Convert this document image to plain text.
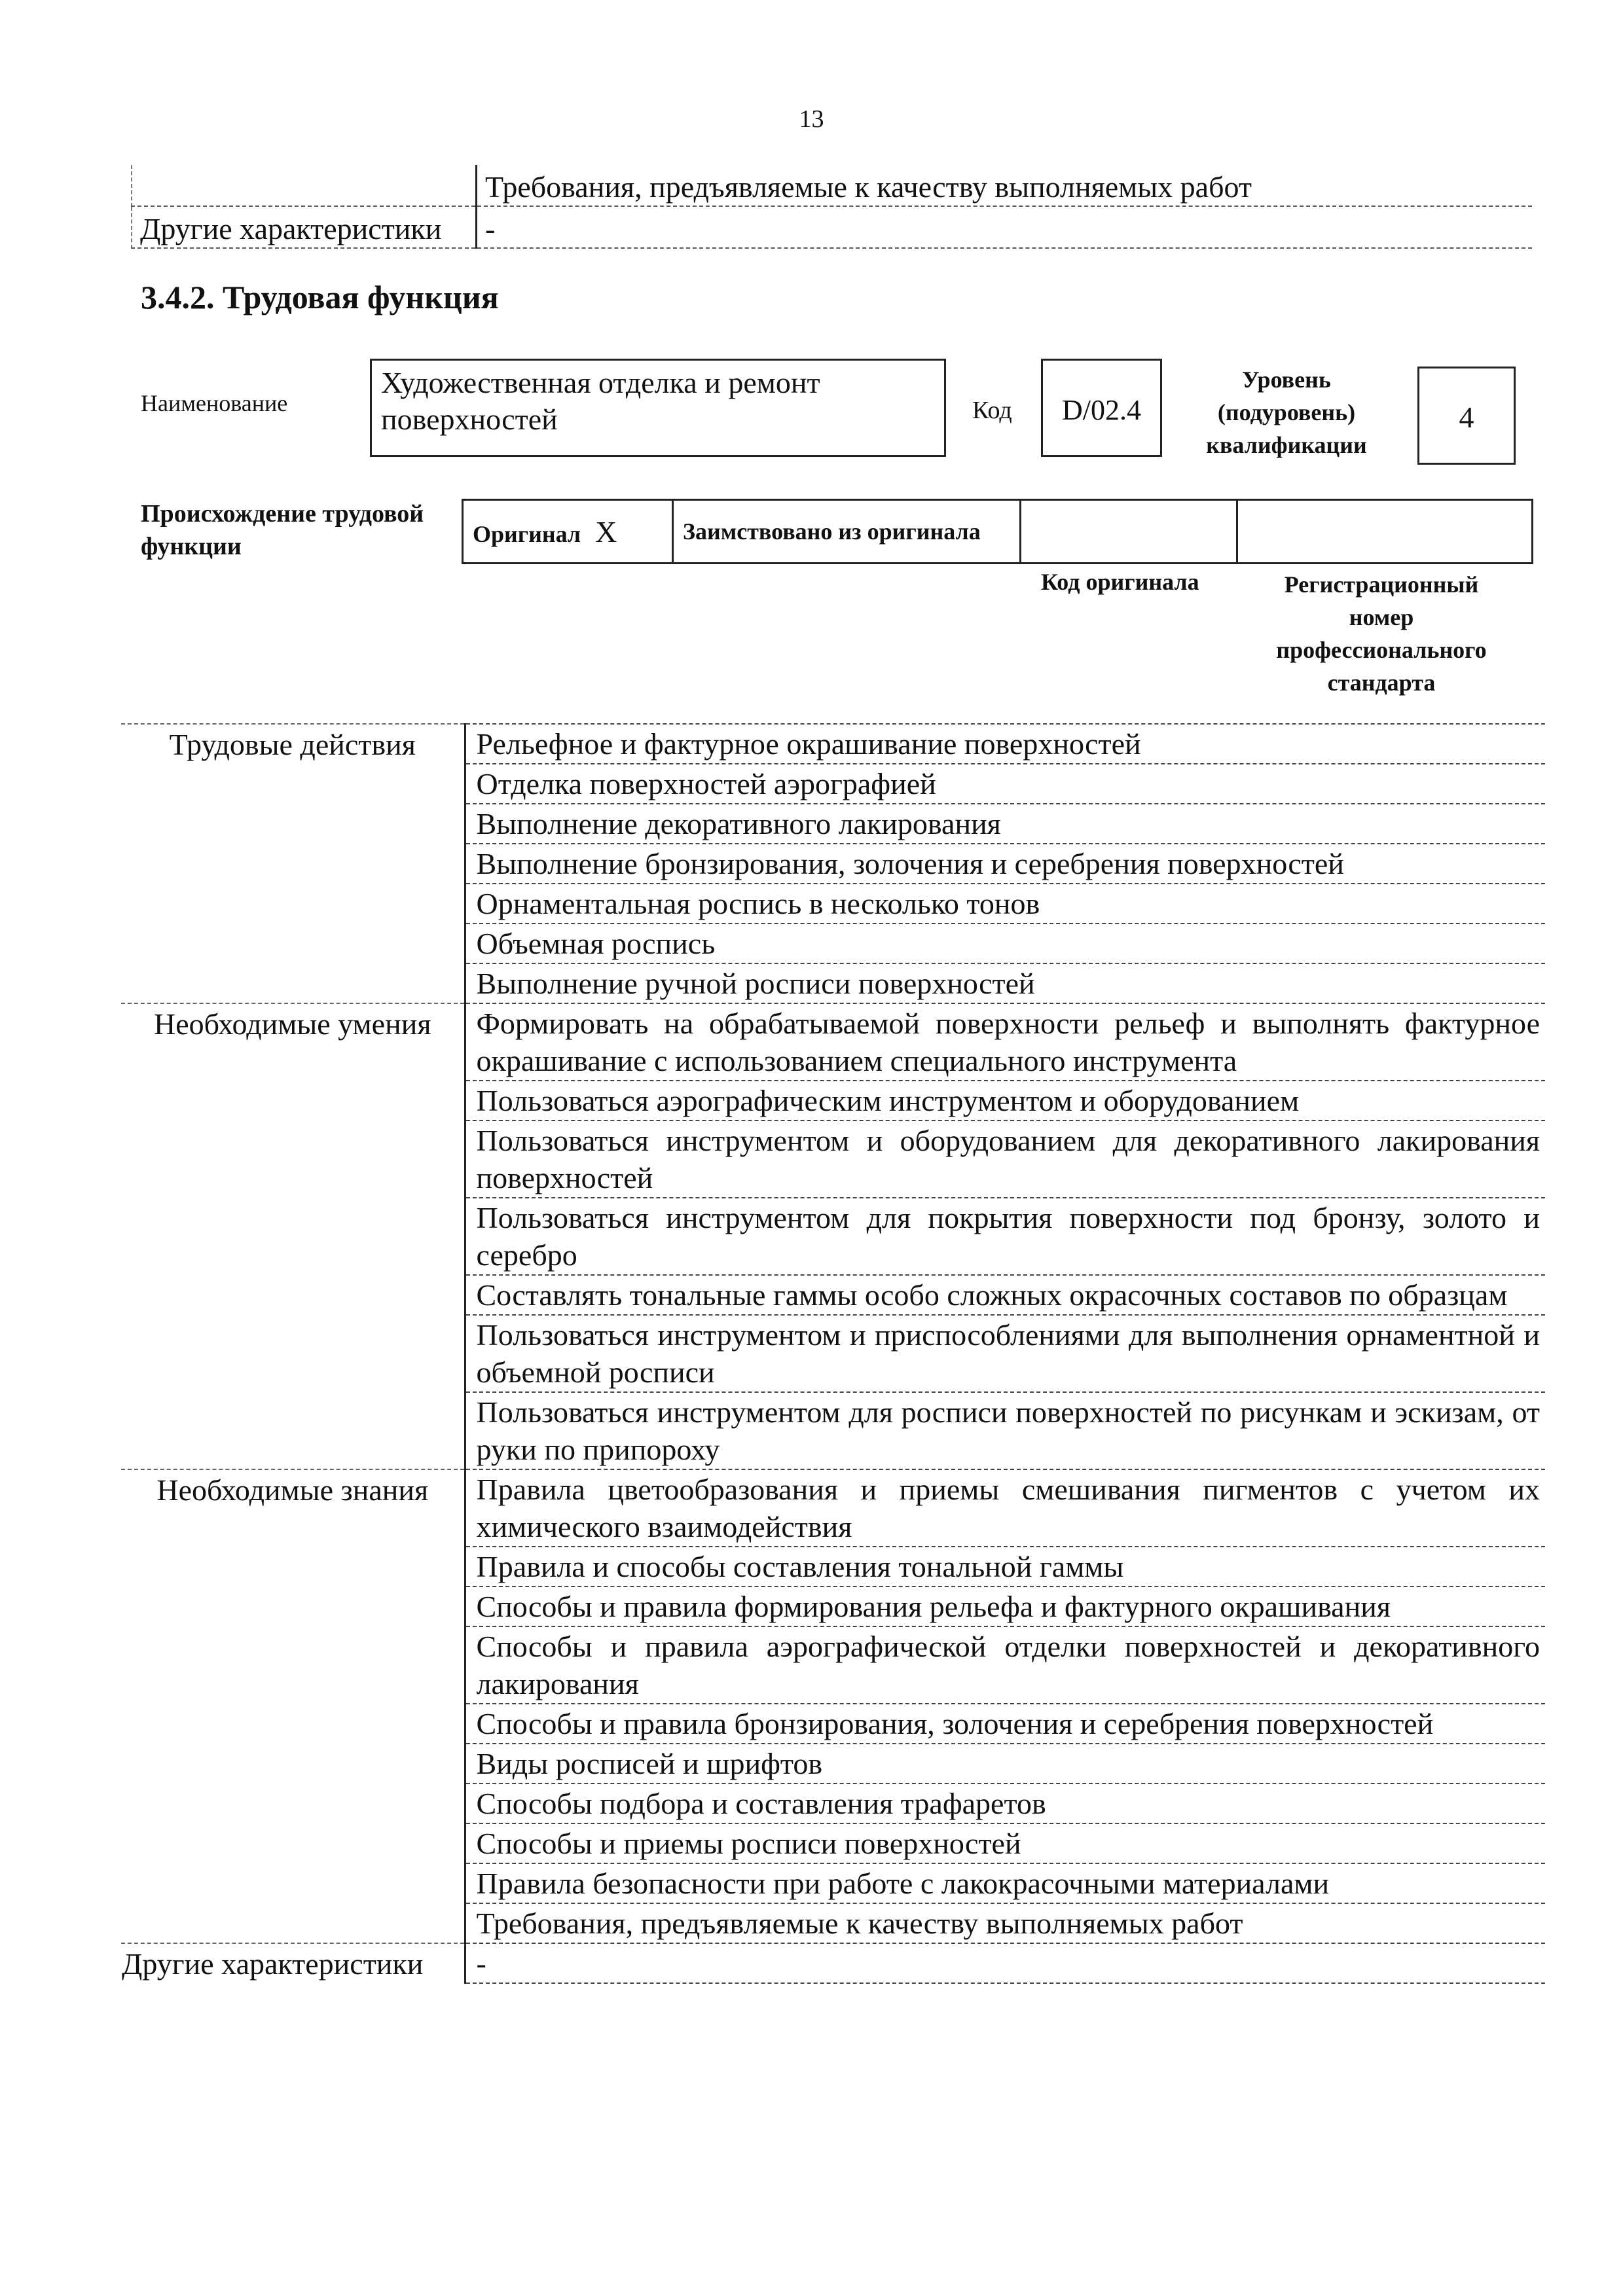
13
	Требования, предъявляемые к качеству выполняемых работ
Другие характеристики	-
3.4.2. Трудовая функция
Наименование
Художественная отделка и ремонт поверхностей	Код	D/02.4
Уровень (подуровень) квалификации
4
Происхождение трудовой функции	Оригинал X	Заимствовано из оригинала		
Код оригинала	Регистрационный номер профессионального стандарта
Трудовые действия	Рельефное и фактурное окрашивание поверхностей
	Отделка поверхностей аэрографией
	Выполнение декоративного лакирования
	Выполнение бронзирования, золочения и серебрения поверхностей
	Орнаментальная роспись в несколько тонов
	Объемная роспись
	Выполнение ручной росписи поверхностей
Необходимые умения	Формировать на обрабатываемой поверхности рельеф и выполнять фактурное окрашивание с использованием специального инструмента
	Пользоваться аэрографическим инструментом и оборудованием
	Пользоваться инструментом и оборудованием для декоративного лакирования поверхностей
	Пользоваться инструментом для покрытия поверхности под бронзу, золото и серебро
	Составлять тональные гаммы особо сложных окрасочных составов по образцам
	Пользоваться инструментом и приспособлениями для выполнения орнаментной и объемной росписи
	Пользоваться инструментом для росписи поверхностей по рисункам и эскизам, от руки по припороху
Необходимые знания	Правила цветообразования и приемы смешивания пигментов с учетом их химического взаимодействия
	Правила и способы составления тональной гаммы
	Способы и правила формирования рельефа и фактурного окрашивания
	Способы и правила аэрографической отделки поверхностей и декоративного лакирования
	Способы и правила бронзирования, золочения и серебрения поверхностей
	Виды росписей и шрифтов
	Способы подбора и составления трафаретов
	Способы и приемы росписи поверхностей
	Правила безопасности при работе с лакокрасочными материалами
	Требования, предъявляемые к качеству выполняемых работ
Другие характеристики	-
